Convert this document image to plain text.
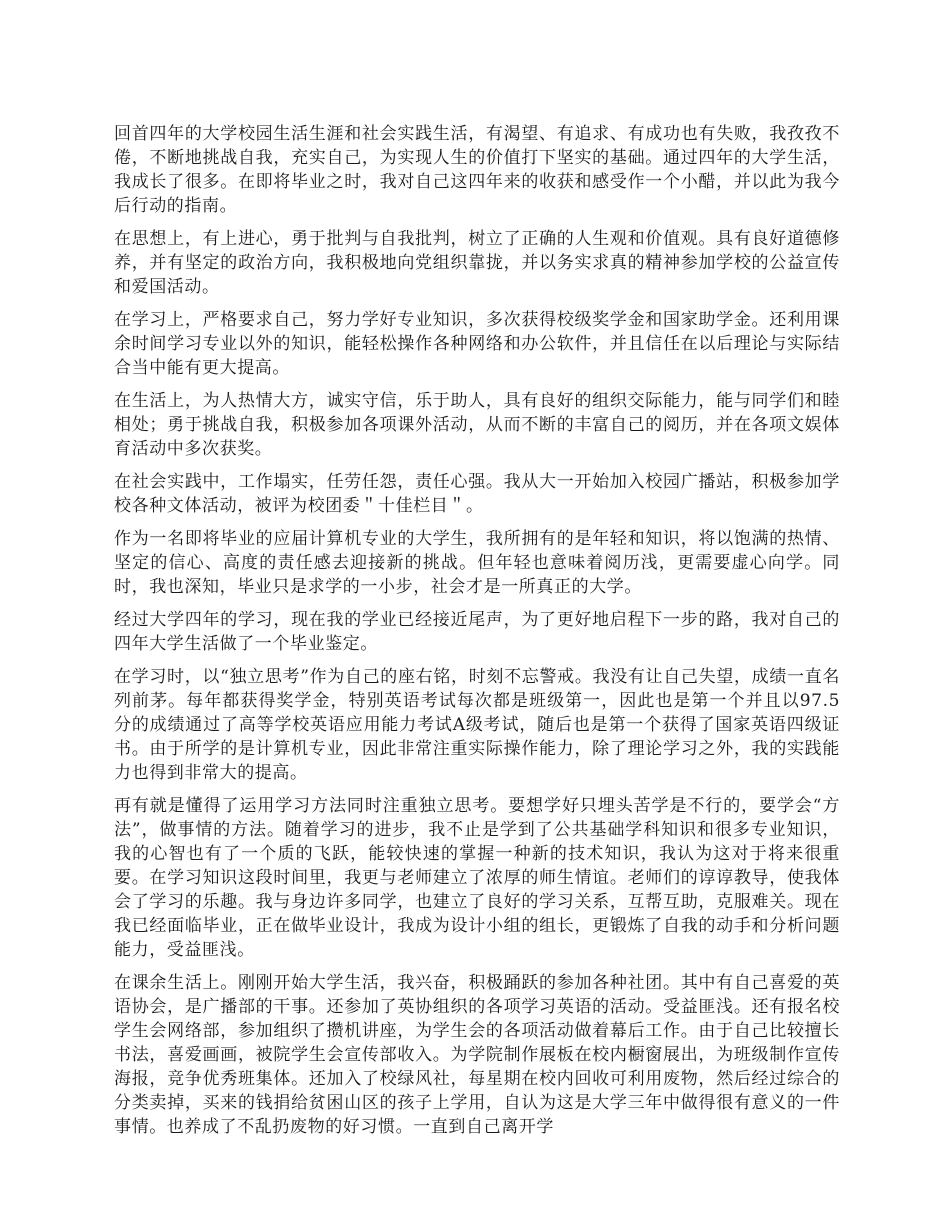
回首四年的大学校园生活生涯和社会实践生活，有渴望、有追求、有成功也有失败，我孜孜不倦，不断地挑战自我，充实自己，为实现人生的价值打下坚实的基础。通过四年的大学生活，我成长了很多。在即将毕业之时，我对自己这四年来的收获和感受作一个小醋，并以此为我今后行动的指南。

在思想上，有上进心，勇于批判与自我批判，树立了正确的人生观和价值观。具有良好道德修养，并有坚定的政治方向，我积极地向党组织靠拢，并以务实求真的精神参加学校的公益宣传和爱国活动。

在学习上，严格要求自己，努力学好专业知识，多次获得校级奖学金和国家助学金。还利用课余时间学习专业以外的知识，能轻松操作各种网络和办公软件，并且信任在以后理论与实际结合当中能有更大提高。

在生活上，为人热情大方，诚实守信，乐于助人，具有良好的组织交际能力，能与同学们和睦相处；勇于挑战自我，积极参加各项课外活动，从而不断的丰富自己的阅历，并在各项文娱体育活动中多次获奖。

在社会实践中，工作塌实，任劳任怨，责任心强。我从大一开始加入校园广播站，积极参加学校各种文体活动，被评为校团委＂十佳栏目＂。

作为一名即将毕业的应届计算机专业的大学生，我所拥有的是年轻和知识，将以饱满的热情、坚定的信心、高度的责任感去迎接新的挑战。但年轻也意味着阅历浅，更需要虚心向学。同时，我也深知，毕业只是求学的一小步，社会才是一所真正的大学。

经过大学四年的学习，现在我的学业已经接近尾声，为了更好地启程下一步的路，我对自己的四年大学生活做了一个毕业鉴定。

在学习时，以“独立思考”作为自己的座右铭，时刻不忘警戒。我没有让自己失望，成绩一直名列前茅。每年都获得奖学金，特别英语考试每次都是班级第一，因此也是第一个并且以97.5分的成绩通过了高等学校英语应用能力考试A级考试，随后也是第一个获得了国家英语四级证书。由于所学的是计算机专业，因此非常注重实际操作能力，除了理论学习之外，我的实践能力也得到非常大的提高。

再有就是懂得了运用学习方法同时注重独立思考。要想学好只埋头苦学是不行的，要学会“方法”，做事情的方法。随着学习的进步，我不止是学到了公共基础学科知识和很多专业知识，我的心智也有了一个质的飞跃，能较快速的掌握一种新的技术知识，我认为这对于将来很重要。在学习知识这段时间里，我更与老师建立了浓厚的师生情谊。老师们的谆谆教导，使我体会了学习的乐趣。我与身边许多同学，也建立了良好的学习关系，互帮互助，克服难关。现在我已经面临毕业，正在做毕业设计，我成为设计小组的组长，更锻炼了自我的动手和分析问题能力，受益匪浅。

在课余生活上。刚刚开始大学生活，我兴奋，积极踊跃的参加各种社团。其中有自己喜爱的英语协会，是广播部的干事。还参加了英协组织的各项学习英语的活动。受益匪浅。还有报名校学生会网络部，参加组织了攒机讲座，为学生会的各项活动做着幕后工作。由于自己比较擅长书法，喜爱画画，被院学生会宣传部收入。为学院制作展板在校内橱窗展出，为班级制作宣传海报，竞争优秀班集体。还加入了校绿风社，每星期在校内回收可利用废物，然后经过综合的分类卖掉，买来的钱捐给贫困山区的孩子上学用，自认为这是大学三年中做得很有意义的一件事情。也养成了不乱扔废物的好习惯。一直到自己离开学
